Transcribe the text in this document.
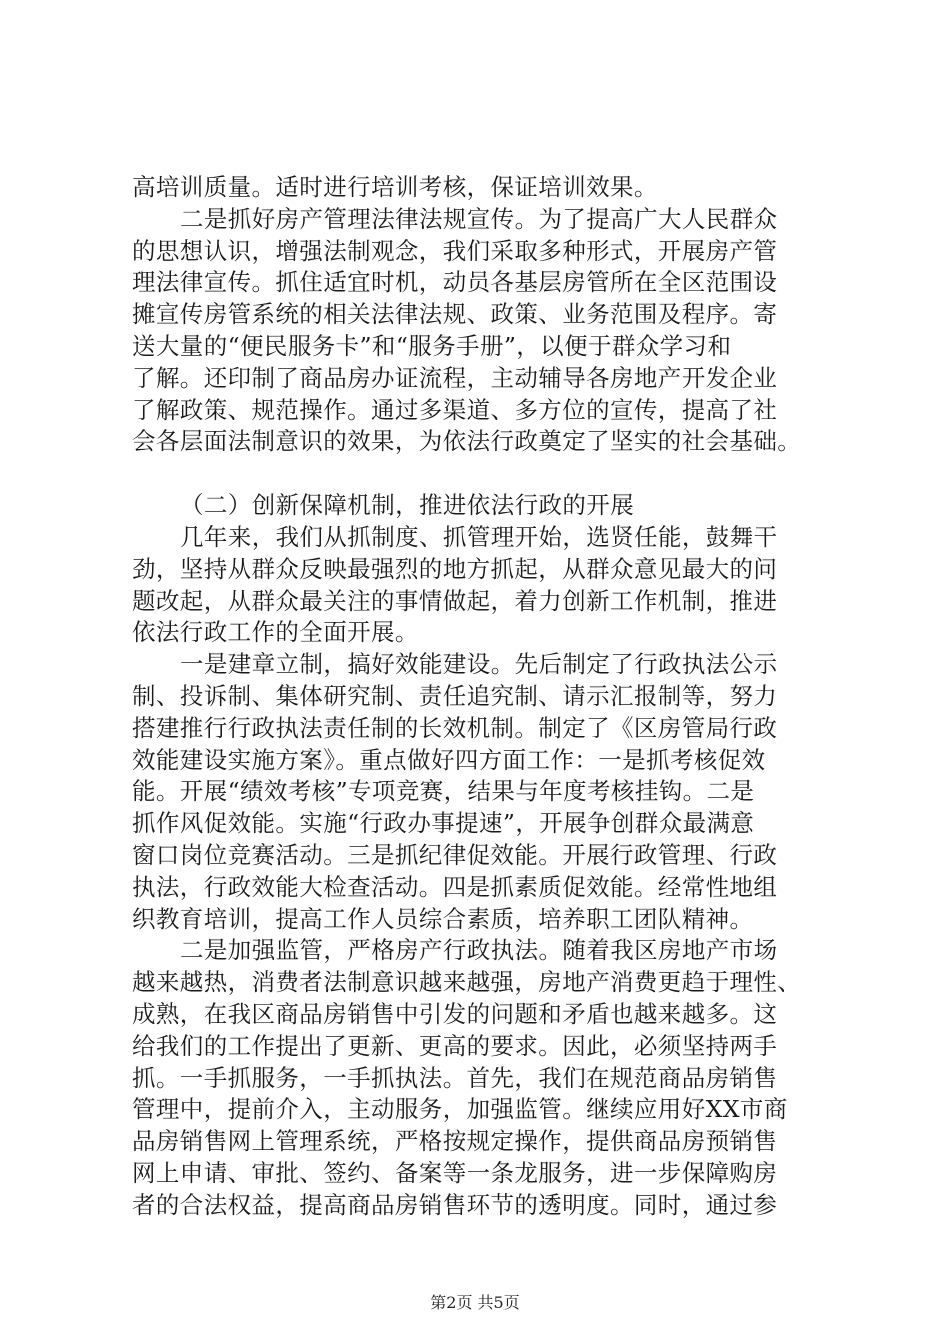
高培训质量。适时进行培训考核，保证培训效果。
二是抓好房产管理法律法规宣传。为了提高广大人民群众
的思想认识，增强法制观念，我们采取多种形式，开展房产管
理法律宣传。抓住适宜时机，动员各基层房管所在全区范围设
摊宣传房管系统的相关法律法规、政策、业务范围及程序。寄
送大量的“便民服务卡”和“服务手册”，以便于群众学习和
了解。还印制了商品房办证流程，主动辅导各房地产开发企业
了解政策、规范操作。通过多渠道、多方位的宣传，提高了社
会各层面法制意识的效果，为依法行政奠定了坚实的社会基础。
（二）创新保障机制，推进依法行政的开展
几年来，我们从抓制度、抓管理开始，选贤任能，鼓舞干
劲，坚持从群众反映最强烈的地方抓起，从群众意见最大的问
题改起，从群众最关注的事情做起，着力创新工作机制，推进
依法行政工作的全面开展。
一是建章立制，搞好效能建设。先后制定了行政执法公示
制、投诉制、集体研究制、责任追究制、请示汇报制等，努力
搭建推行行政执法责任制的长效机制。制定了《区房管局行政
效能建设实施方案》。重点做好四方面工作：一是抓考核促效
能。开展“绩效考核”专项竞赛，结果与年度考核挂钩。二是
抓作风促效能。实施“行政办事提速”，开展争创群众最满意
窗口岗位竞赛活动。三是抓纪律促效能。开展行政管理、行政
执法，行政效能大检查活动。四是抓素质促效能。经常性地组
织教育培训，提高工作人员综合素质，培养职工团队精神。
二是加强监管，严格房产行政执法。随着我区房地产市场
越来越热，消费者法制意识越来越强，房地产消费更趋于理性、
成熟，在我区商品房销售中引发的问题和矛盾也越来越多。这
给我们的工作提出了更新、更高的要求。因此，必须坚持两手
抓。一手抓服务，一手抓执法。首先，我们在规范商品房销售
管理中，提前介入，主动服务，加强监管。继续应用好XX市商
品房销售网上管理系统，严格按规定操作，提供商品房预销售
网上申请、审批、签约、备案等一条龙服务，进一步保障购房
者的合法权益，提高商品房销售环节的透明度。同时，通过参
第2页 共5页
